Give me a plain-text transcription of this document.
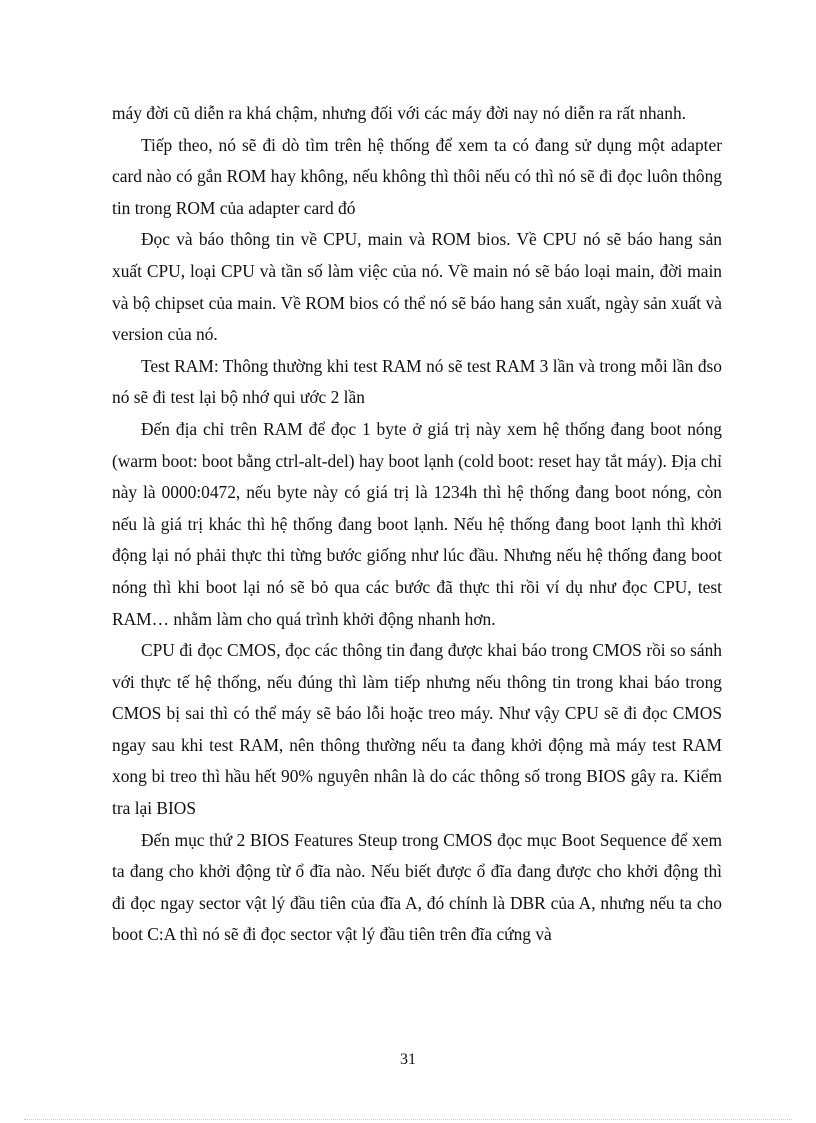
máy đời cũ diễn ra khá chậm, nhưng đối với các máy đời nay nó diễn ra rất nhanh.

Tiếp theo, nó sẽ đi dò tìm trên hệ thống để xem ta có đang sử dụng một adapter card nào có gắn ROM hay không, nếu không thì thôi nếu có thì nó sẽ đi đọc luôn thông tin trong ROM của adapter card đó

Đọc và báo thông tin về CPU, main và ROM bios. Về CPU nó sẽ báo hang sản xuất CPU, loại CPU và tần số làm việc của nó. Về main nó sẽ báo loại main, đời main và bộ chipset của main. Về ROM bios có thể nó sẽ báo hang sản xuất, ngày sản xuất và version của nó.

Test RAM: Thông thường khi test RAM nó sẽ test RAM 3 lần và trong mỗi lần đso nó sẽ đi test lại bộ nhớ qui ước 2 lần

Đến địa chỉ trên RAM để đọc 1 byte ở giá trị này xem hệ thống đang boot nóng (warm boot: boot bằng ctrl-alt-del) hay boot lạnh (cold boot: reset hay tắt máy). Địa chỉ này là 0000:0472, nếu byte này có giá trị là 1234h thì hệ thống đang boot nóng, còn nếu là giá trị khác thì hệ thống đang boot lạnh. Nếu hệ thống đang boot lạnh thì khởi động lại nó phải thực thi từng bước giống như lúc đầu. Nhưng nếu hệ thống đang boot nóng thì khi boot lại nó sẽ bỏ qua các bước đã thực thi rồi ví dụ như đọc CPU, test RAM… nhằm làm cho quá trình khởi động nhanh hơn.

CPU đi đọc CMOS, đọc các thông tin đang được khai báo trong CMOS rồi so sánh với thực tế hệ thống, nếu đúng thì làm tiếp nhưng nếu thông tin trong khai báo trong CMOS bị sai thì có thể máy sẽ báo lỗi hoặc treo máy. Như vậy CPU sẽ đi đọc CMOS ngay sau khi test RAM, nên thông thường nếu ta đang khởi động mà máy test RAM xong bi treo thì hầu hết 90% nguyên nhân là do các thông số trong BIOS gây ra. Kiểm tra lại BIOS

Đến mục thứ 2 BIOS Features Steup trong CMOS đọc mục Boot Sequence để xem ta đang cho khởi động từ ổ đĩa nào. Nếu biết được ổ đĩa đang được cho khởi động thì đi đọc ngay sector vật lý đầu tiên của đĩa A, đó chính là DBR của A, nhưng nếu ta cho boot C:A thì nó sẽ đi đọc sector vật lý đầu tiên trên đĩa cứng và

31
